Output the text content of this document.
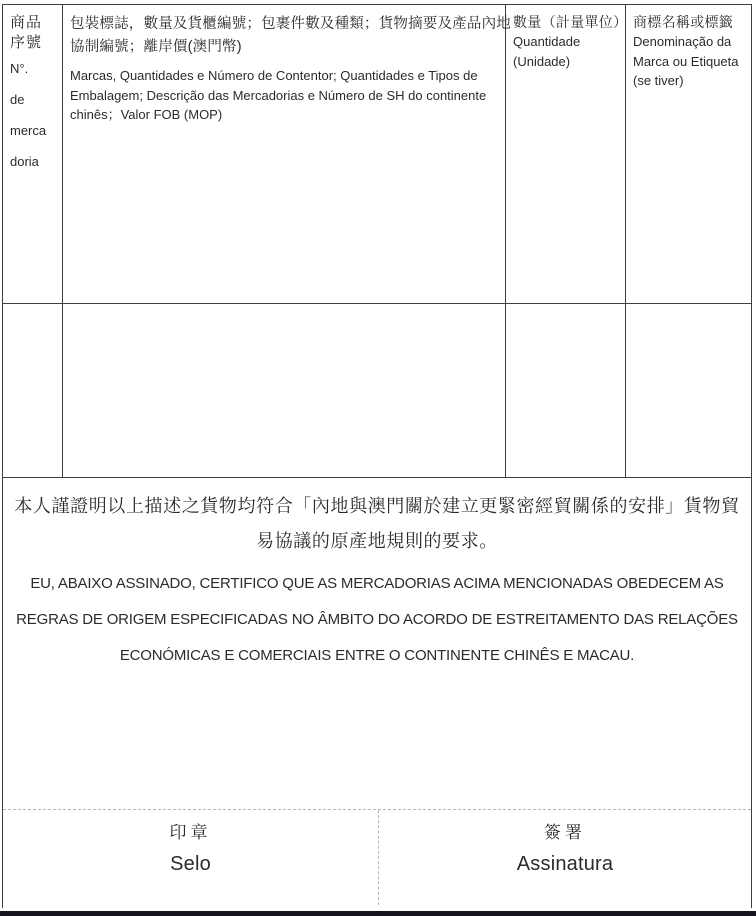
商品
序號
N°.
de
merca
doria
包裝標誌，數量及貨櫃編號；包裹件數及種類；貨物摘要及產品內地
協制編號；離岸價(澳門幣)
Marcas, Quantidades e Número de Contentor; Quantidades e Tipos de
Embalagem; Descrição das Mercadorias e Número de SH do continente
chinês；Valor FOB (MOP)
數量（計量單位）
Quantidade
(Unidade)
商標名稱或標籤
Denominação da
Marca ou Etiqueta
(se tiver)
本人謹證明以上描述之貨物均符合「內地與澳門關於建立更緊密經貿關係的安排」貨物貿
易協議的原產地規則的要求。
EU, ABAIXO ASSINADO, CERTIFICO QUE AS MERCADORIAS ACIMA MENCIONADAS OBEDECEM AS
REGRAS DE ORIGEM ESPECIFICADAS NO ÂMBITO DO ACORDO DE ESTREITAMENTO DAS RELAÇÕES
ECONÓMICAS E COMERCIAIS ENTRE O CONTINENTE CHINÊS E MACAU.
印章
Selo
簽署
Assinatura
